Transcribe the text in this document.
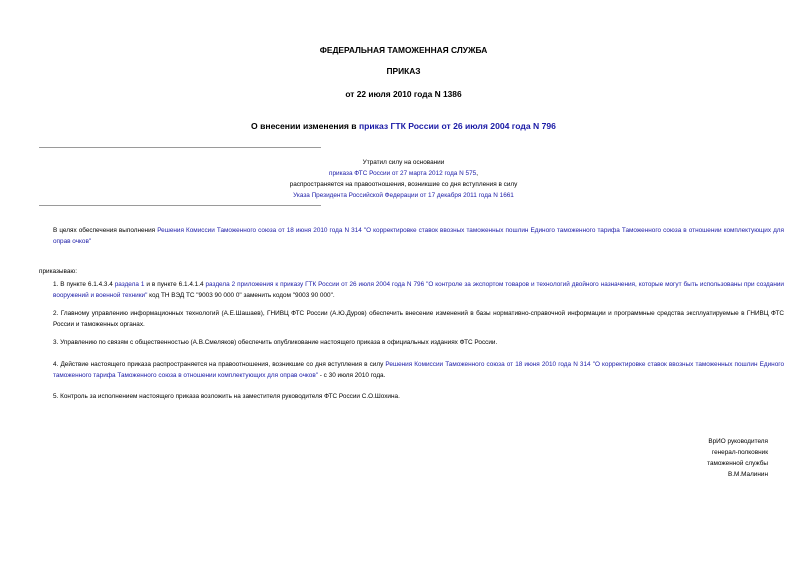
ФЕДЕРАЛЬНАЯ ТАМОЖЕННАЯ СЛУЖБА
ПРИКАЗ
от 22 июля 2010 года N 1386
О внесении изменения в приказ ГТК России от 26 июля 2004 года N 796
Утратил силу на основании
приказа ФТС России от 27 марта 2012 года N 575,
распространяется на правоотношения, возникшие со дня вступления в силу
Указа Президента Российской Федерации от 17 декабря 2011 года N 1661
В целях обеспечения выполнения Решения Комиссии Таможенного союза от 18 июня 2010 года N 314 "О корректировке ставок ввозных таможенных пошлин Единого таможенного тарифа Таможенного союза в отношении комплектующих для оправ очков"
приказываю:
1. В пункте 6.1.4.3.4 раздела 1 и в пункте 6.1.4.1.4 раздела 2 приложения к приказу ГТК России от 26 июля 2004 года N 796 "О контроле за экспортом товаров и технологий двойного назначения, которые могут быть использованы при создании вооружений и военной техники" код ТН ВЭД ТС "9003 90 000 0" заменить кодом "9003 90 000".
2. Главному управлению информационных технологий (А.Е.Шашаев), ГНИВЦ ФТС России (А.Ю.Дуров) обеспечить внесение изменений в базы нормативно-справочной информации и программные средства эксплуатируемые в ГНИВЦ ФТС России и таможенных органах.
3. Управлению по связям с общественностью (А.В.Смеляков) обеспечить опубликование настоящего приказа в официальных изданиях ФТС России.
4. Действие настоящего приказа распространяется на правоотношения, возникшие со дня вступления в силу Решения Комиссии Таможенного союза от 18 июня 2010 года N 314 "О корректировке ставок ввозных таможенных пошлин Единого таможенного тарифа Таможенного союза в отношении комплектующих для оправ очков" - с 30 июля 2010 года.
5. Контроль за исполнением настоящего приказа возложить на заместителя руководителя ФТС России С.О.Шохина.
ВрИО руководителя
генерал-полковник
таможенной службы
В.М.Малинин
